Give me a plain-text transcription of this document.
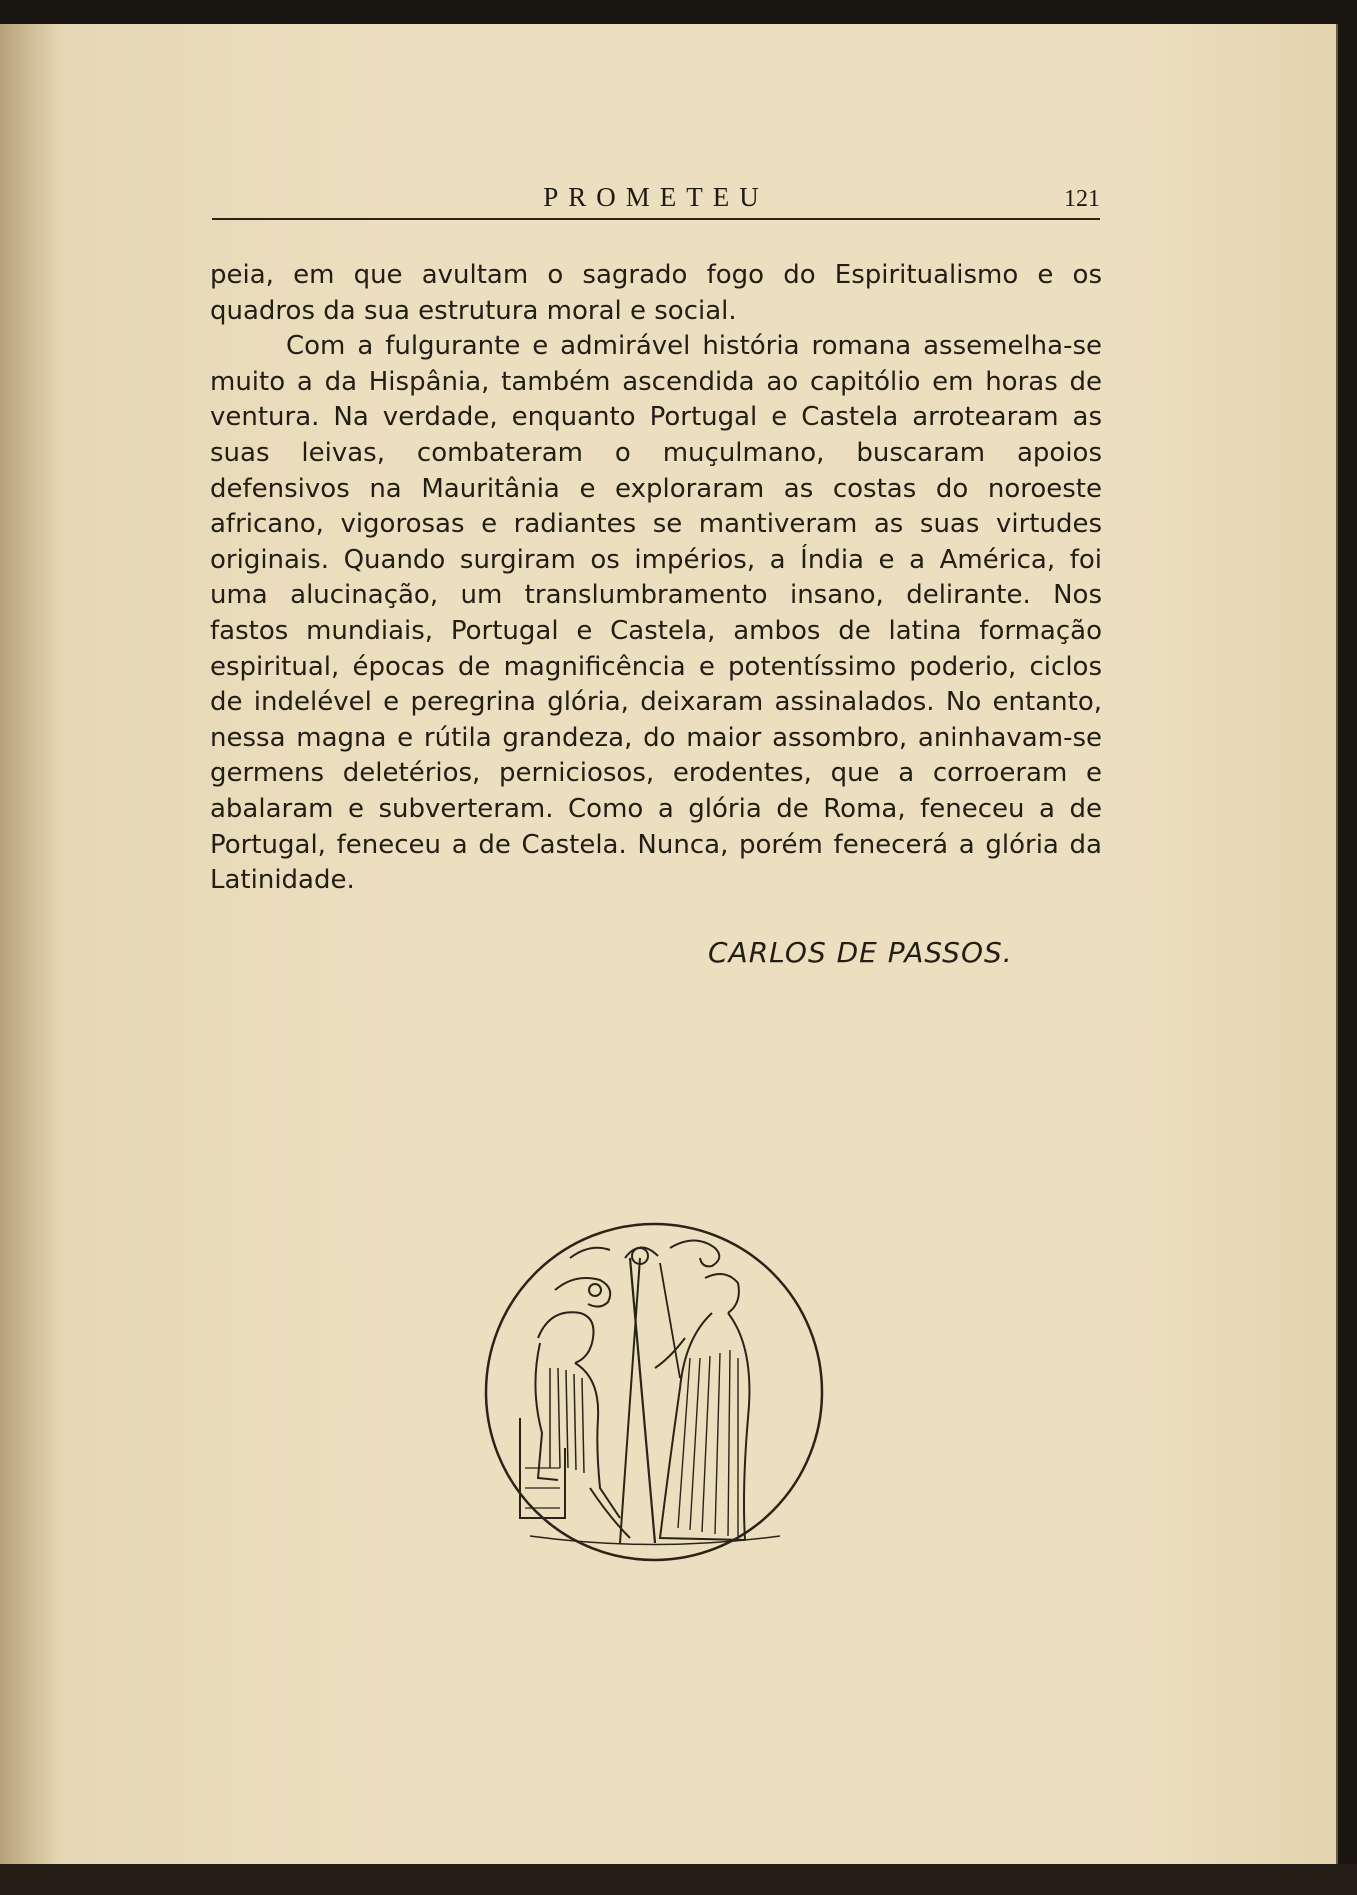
PROMETEU	121

peia, em que avultam o sagrado fogo do Espiritualismo e os quadros da sua estrutura moral e social.

Com a fulgurante e admirável história romana assemelha-se muito a da Hispânia, também ascendida ao capitólio em horas de ventura. Na verdade, enquanto Portugal e Castela arrotearam as suas leivas, combateram o muçulmano, buscaram apoios defensivos na Mauritânia e exploraram as costas do noroeste africano, vigorosas e radiantes se mantiveram as suas virtudes originais. Quando surgiram os impérios, a Índia e a América, foi uma alucinação, um translumbramento insano, delirante. Nos fastos mundiais, Portugal e Castela, ambos de latina formação espiritual, épocas de magnificência e potentíssimo poderio, ciclos de indelével e peregrina glória, deixaram assinalados. No entanto, nessa magna e rútila grandeza, do maior assombro, aninhavam-se germens deletérios, perniciosos, erodentes, que a corroeram e abalaram e subverteram. Como a glória de Roma, feneceu a de Portugal, feneceu a de Castela. Nunca, porém fenecerá a glória da Latinidade.

CARLOS DE PASSOS.
